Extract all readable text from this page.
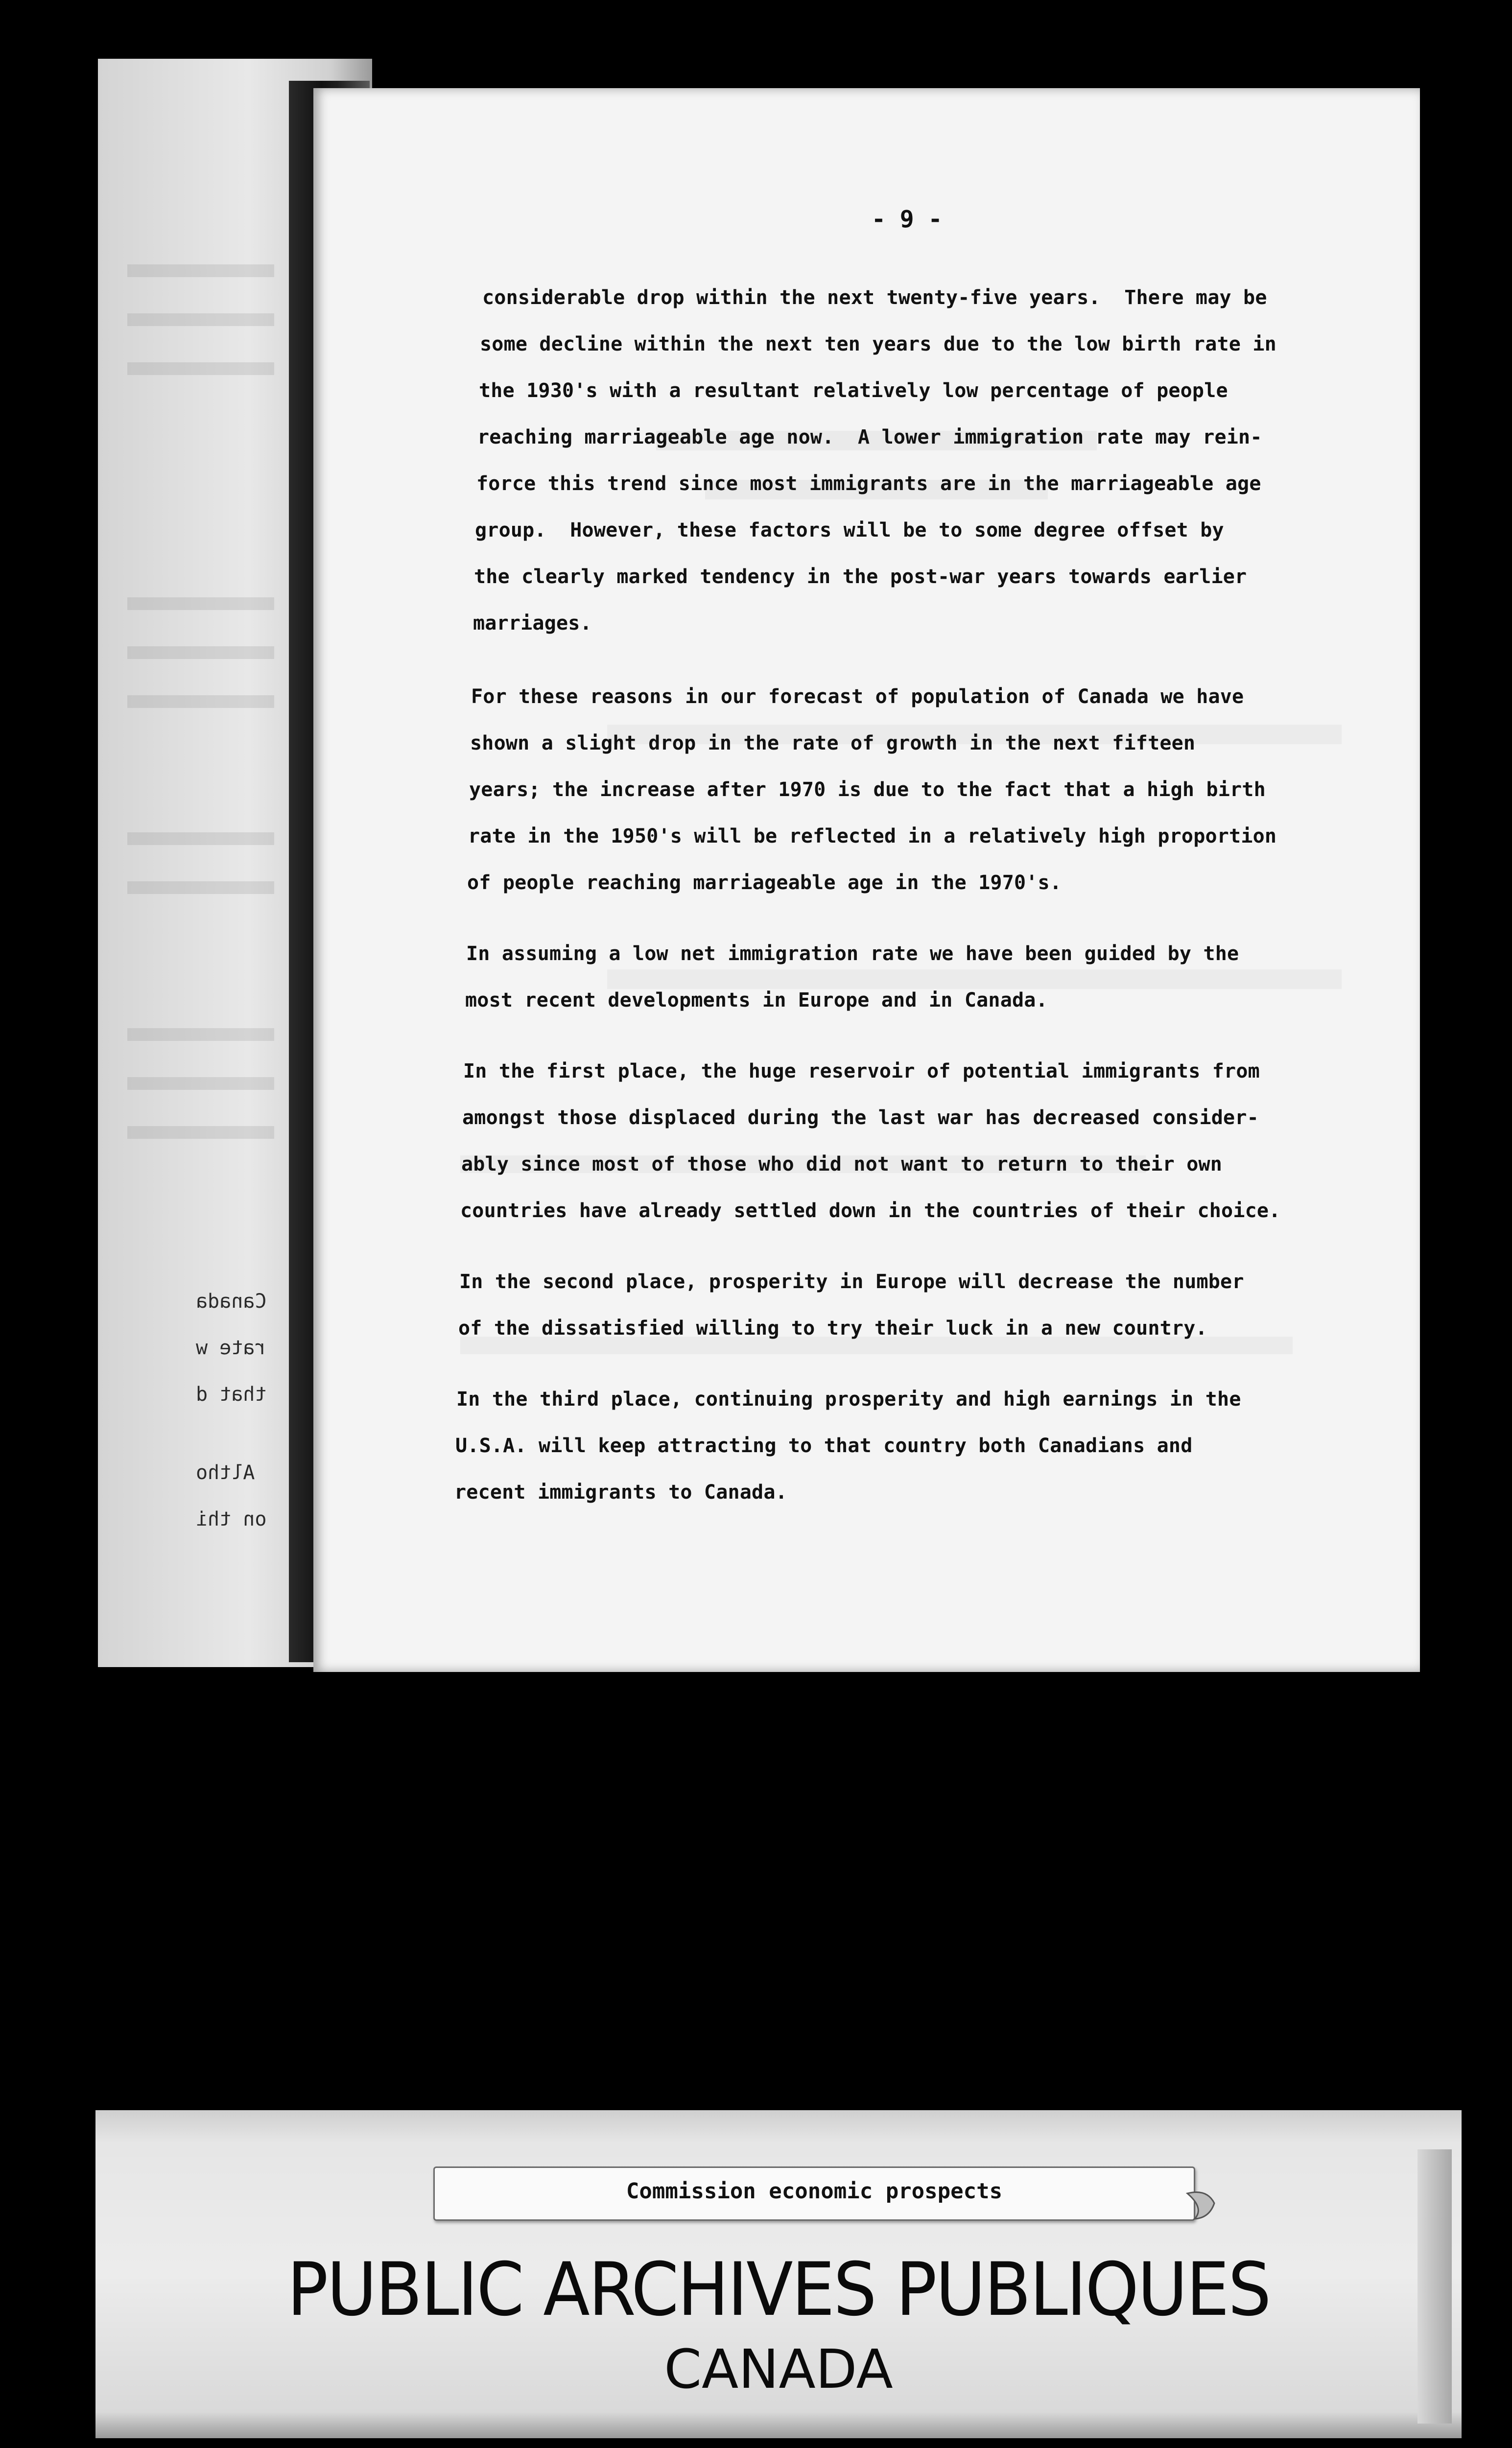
Canada
rate w
that d
Altho
on thi
- 9 -
considerable drop within the next twenty-five years.  There may be
some decline within the next ten years due to the low birth rate in
the 1930's with a resultant relatively low percentage of people
reaching marriageable age now.  A lower immigration rate may rein-
force this trend since most immigrants are in the marriageable age
group.  However, these factors will be to some degree offset by
the clearly marked tendency in the post-war years towards earlier
marriages.
For these reasons in our forecast of population of Canada we have
shown a slight drop in the rate of growth in the next fifteen
years; the increase after 1970 is due to the fact that a high birth
rate in the 1950's will be reflected in a relatively high proportion
of people reaching marriageable age in the 1970's.
In assuming a low net immigration rate we have been guided by the
most recent developments in Europe and in Canada.
In the first place, the huge reservoir of potential immigrants from
amongst those displaced during the last war has decreased consider-
ably since most of those who did not want to return to their own
countries have already settled down in the countries of their choice.
In the second place, prosperity in Europe will decrease the number
of the dissatisfied willing to try their luck in a new country.
In the third place, continuing prosperity and high earnings in the
U.S.A. will keep attracting to that country both Canadians and
recent immigrants to Canada.
Commission economic prospects
PUBLIC ARCHIVES PUBLIQUES
CANADA
